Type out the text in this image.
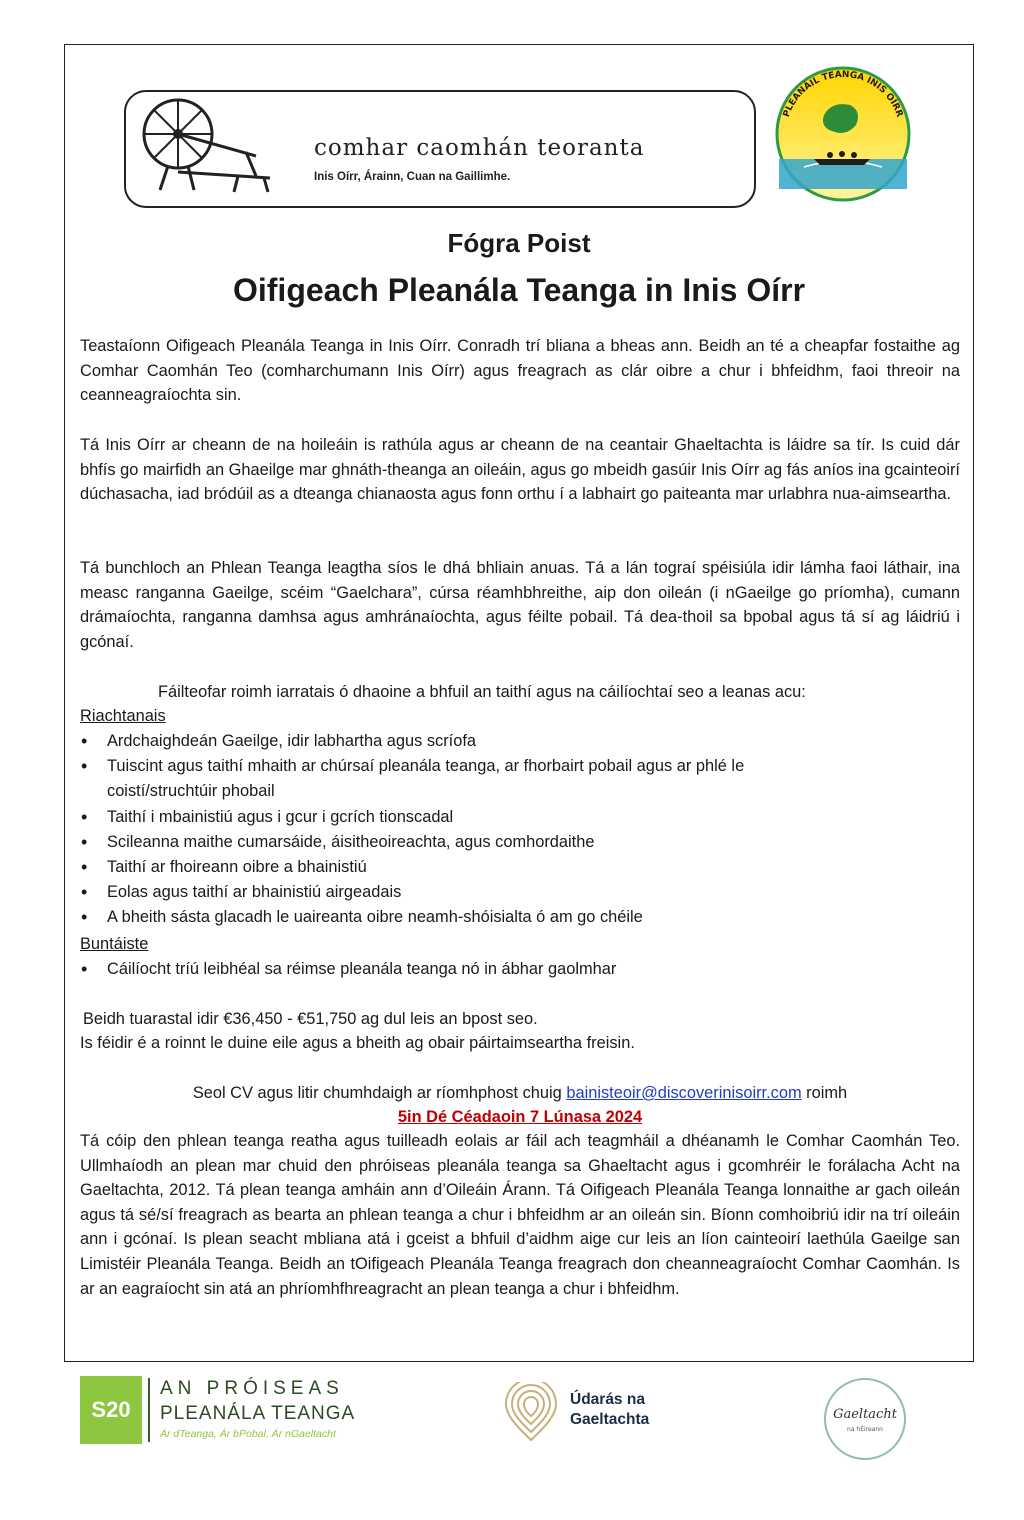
comhar caomhán teoranta
Inis Oírr, Árainn, Cuan na Gaillimhe.
PLEANÁIL TEANGA INIS OÍRR
Fógra Poist
Oifigeach Pleanála Teanga in Inis Oírr

Teastaíonn Oifigeach Pleanála Teanga in Inis Oírr. Conradh trí bliana a bheas ann. Beidh an té a cheapfar fostaithe ag Comhar Caomhán Teo (comharchumann Inis Oírr) agus freagrach as clár oibre a chur i bhfeidhm, faoi threoir na ceanneagraíochta sin.

Tá Inis Oírr ar cheann de na hoileáin is rathúla agus ar cheann de na ceantair Ghaeltachta is láidre sa tír. Is cuid dár bhfís go mairfidh an Ghaeilge mar ghnáth-theanga an oileáin, agus go mbeidh gasúir Inis Oírr ag fás aníos ina gcainteoirí dúchasacha, iad bródúil as a dteanga chianaosta agus fonn orthu í a labhairt go paiteanta mar urlabhra nua-aimseartha.

Tá bunchloch an Phlean Teanga leagtha síos le dhá bhliain anuas. Tá a lán tograí spéisiúla idir lámha faoi láthair, ina measc ranganna Gaeilge, scéim “Gaelchara”, cúrsa réamhbhreithe, aip don oileán (i nGaeilge go príomha), cumann drámaíochta, ranganna damhsa agus amhránaíochta, agus féilte pobail. Tá dea-thoil sa bpobal agus tá sí ag láidriú i gcónaí.

Fáilteofar roimh iarratais ó dhaoine a bhfuil an taithí agus na cáilíochtaí seo a leanas acu:

Riachtanais
• Ardchaighdeán Gaeilge, idir labhartha agus scríofa
• Tuiscint agus taithí mhaith ar chúrsaí pleanála teanga, ar fhorbairt pobail agus ar phlé le coistí/struchtúir phobail
• Taithí i mbainistiú agus i gcur i gcrích tionscadal
• Scileanna maithe cumarsáide, áisitheoireachta, agus comhordaithe
• Taithí ar fhoireann oibre a bhainistiú
• Eolas agus taithí ar bhainistiú airgeadais
• A bheith sásta glacadh le uaireanta oibre neamh-shóisialta ó am go chéile
Buntáiste
• Cáilíocht tríú leibhéal sa réimse pleanála teanga nó in ábhar gaolmhar

Beidh tuarastal idir €36,450 - €51,750 ag dul leis an bpost seo.

Is féidir é a roinnt le duine eile agus a bheith ag obair páirtaimseartha freisin.

Seol CV agus litir chumhdaigh ar ríomhphost chuig bainisteoir@discoverinisoirr.com roimh

5in Dé Céadaoin 7 Lúnasa 2024

Tá cóip den phlean teanga reatha agus tuilleadh eolais ar fáil ach teagmháil a dhéanamh le Comhar Caomhán Teo. Ullmhaíodh an plean mar chuid den phróiseas pleanála teanga sa Ghaeltacht agus i gcomhréir le forálacha Acht na Gaeltachta, 2012. Tá plean teanga amháin ann d’Oileáin Árann. Tá Oifigeach Pleanála Teanga lonnaithe ar gach oileán agus tá sé/sí freagrach as bearta an phlean teanga a chur i bhfeidhm ar an oileán sin. Bíonn comhoibriú idir na trí oileáin ann i gcónaí. Is plean seacht mbliana atá i gceist a bhfuil d’aidhm aige cur leis an líon cainteoirí laethúla Gaeilge san Limistéir Pleanála Teanga. Beidh an tOifigeach Pleanála Teanga freagrach don cheanneagraíocht Comhar Caomhán. Is ar an eagraíocht sin atá an phríomhfhreagracht an plean teanga a chur i bhfeidhm.

S20
AN PRÓISEAS
PLEANÁLA TEANGA
Ár dTeanga, Ár bPobal, Ár nGaeltacht
Údarás na
Gaeltachta	Gaeltacht
na hÉireann
